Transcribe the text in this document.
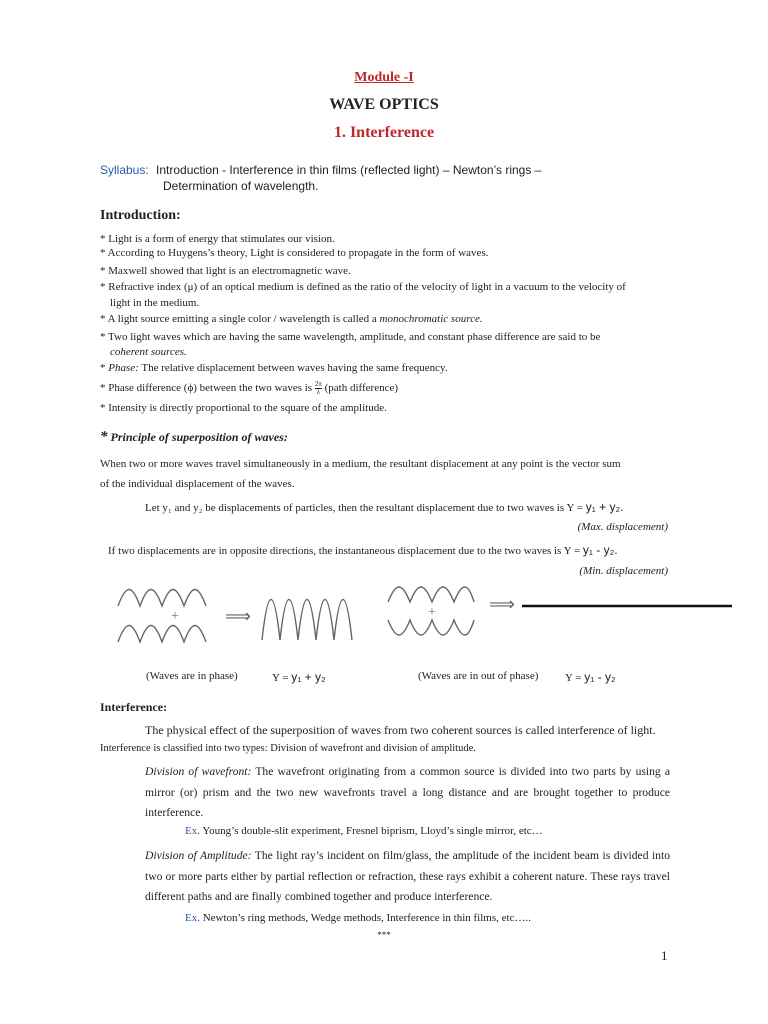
Module -I
WAVE OPTICS
1. Interference
Syllabus: Introduction - Interference in thin films (reflected light) – Newton’s rings –
Determination of wavelength.
Introduction:
* Light is a form of energy that stimulates our vision.
* According to Huygens’s theory, Light is considered to propagate in the form of waves.
* Maxwell showed that light is an electromagnetic wave.
* Refractive index (μ) of an optical medium is defined as the ratio of the velocity of light in a vacuum to the velocity of
light in the medium.
* A light source emitting a single color / wavelength is called a monochromatic source.
* Two light waves which are having the same wavelength, amplitude, and constant phase difference are said to be
coherent sources.
* Phase: The relative displacement between waves having the same frequency.
* Phase difference (ϕ) between the two waves is $\frac{2\pi}{\lambda}$ (path difference)
* Intensity is directly proportional to the square of the amplitude.
* Principle of superposition of waves:
When two or more waves travel simultaneously in a medium, the resultant displacement at any point is the vector sum
of the individual displacement of the waves.
Let y₁ and y₂ be displacements of particles, then the resultant displacement due to two waves is Y = y₁ + y₂.
(Max. displacement)
If two displacements are in opposite directions, the instantaneous displacement due to the two waves is Y = y₁ - y₂.
(Min. displacement)
+	+
⟹
⟹
(Waves are in phase)	Y = y₁ + y₂	(Waves are in out of phase) Y = y₁ - y₂
Interference:
The physical effect of the superposition of waves from two coherent sources is called interference of light.
Interference is classified into two types: Division of wavefront and division of amplitude.
Division of wavefront: The wavefront originating from a common source is divided into two parts by using a mirror (or) prism and the two new wavefronts travel a long distance and are brought together to produce interference.
Ex. Young’s double-slit experiment, Fresnel biprism, Lloyd’s single mirror, etc…
Division of Amplitude: The light ray’s incident on film/glass, the amplitude of the incident beam is divided into two or more parts either by partial reflection or refraction, these rays exhibit a coherent nature. These rays travel different paths and are finally combined together and produce interference.
Ex. Newton’s ring methods, Wedge methods, Interference in thin films, etc…..
***
1
